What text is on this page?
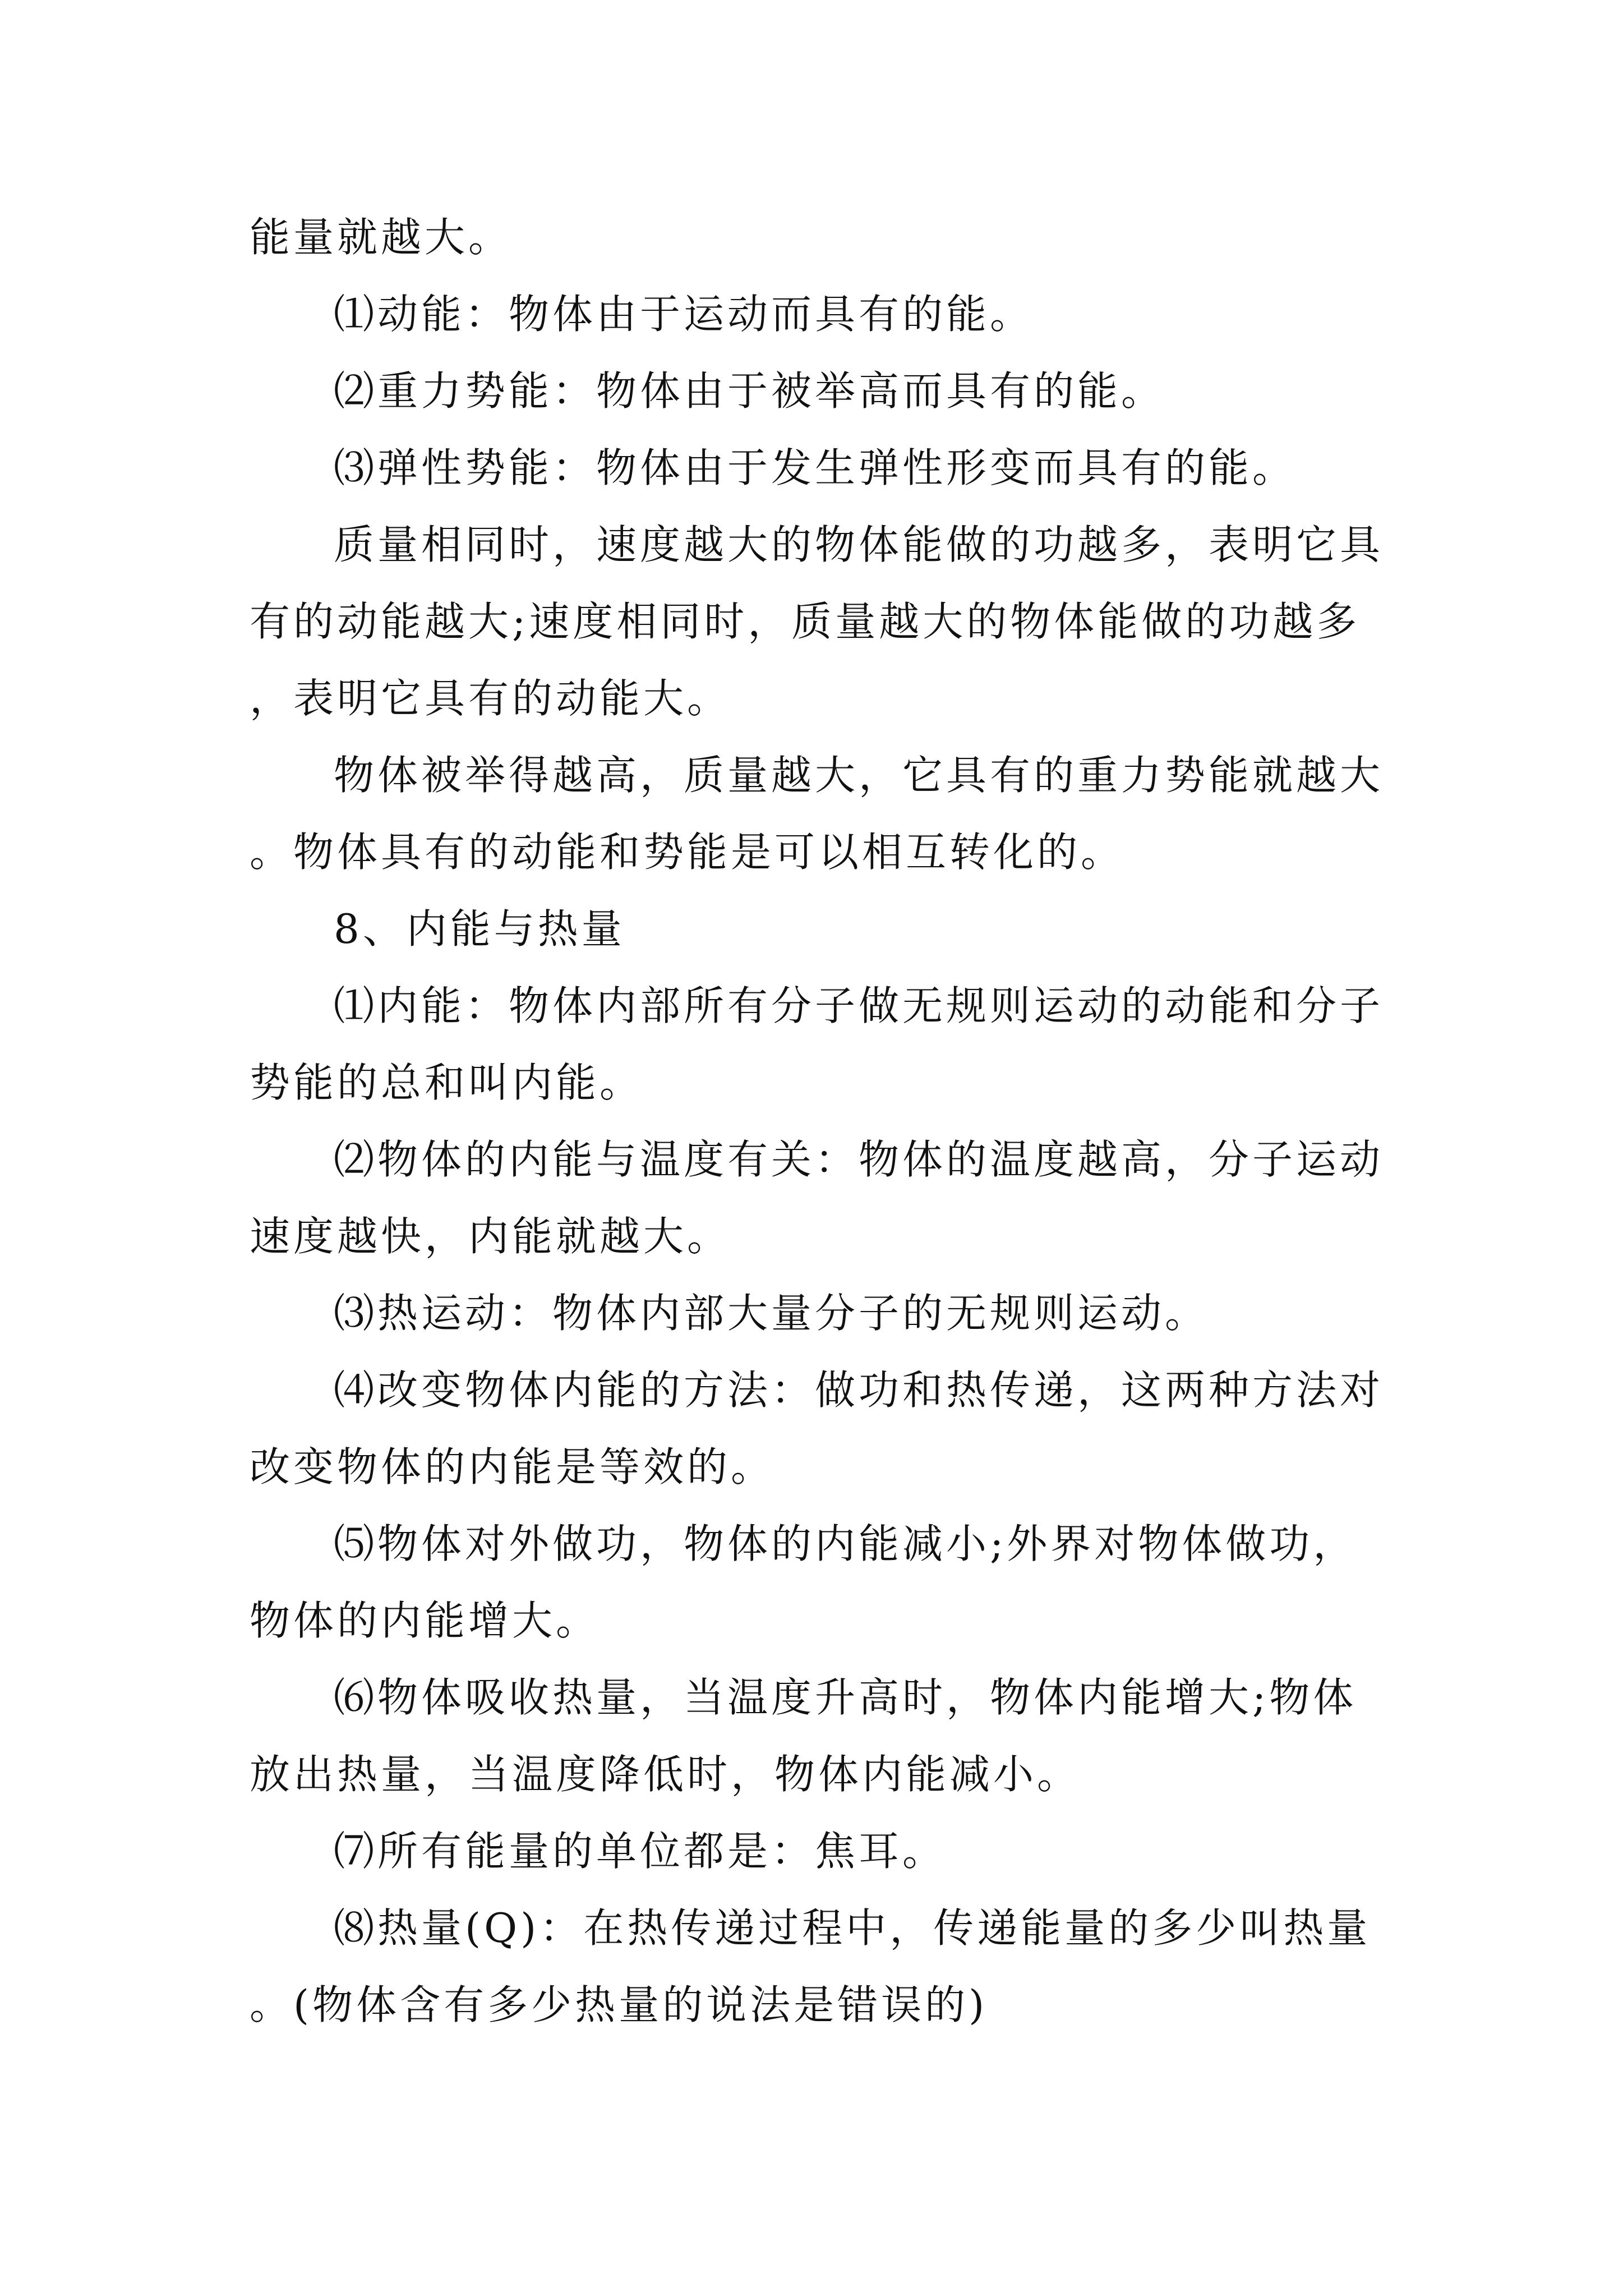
能量就越大。

⑴动能：物体由于运动而具有的能。

⑵重力势能：物体由于被举高而具有的能。

⑶弹性势能：物体由于发生弹性形变而具有的能。

质量相同时，速度越大的物体能做的功越多，表明它具有的动能越大;速度相同时，质量越大的物体能做的功越多，表明它具有的动能大。

物体被举得越高，质量越大，它具有的重力势能就越大。物体具有的动能和势能是可以相互转化的。

8、内能与热量

⑴内能：物体内部所有分子做无规则运动的动能和分子势能的总和叫内能。

⑵物体的内能与温度有关：物体的温度越高，分子运动速度越快，内能就越大。

⑶热运动：物体内部大量分子的无规则运动。

⑷改变物体内能的方法：做功和热传递，这两种方法对改变物体的内能是等效的。

⑸物体对外做功，物体的内能减小;外界对物体做功，物体的内能增大。

⑹物体吸收热量，当温度升高时，物体内能增大;物体放出热量，当温度降低时，物体内能减小。

⑺所有能量的单位都是：焦耳。

⑻热量(Q)：在热传递过程中，传递能量的多少叫热量。(物体含有多少热量的说法是错误的)
